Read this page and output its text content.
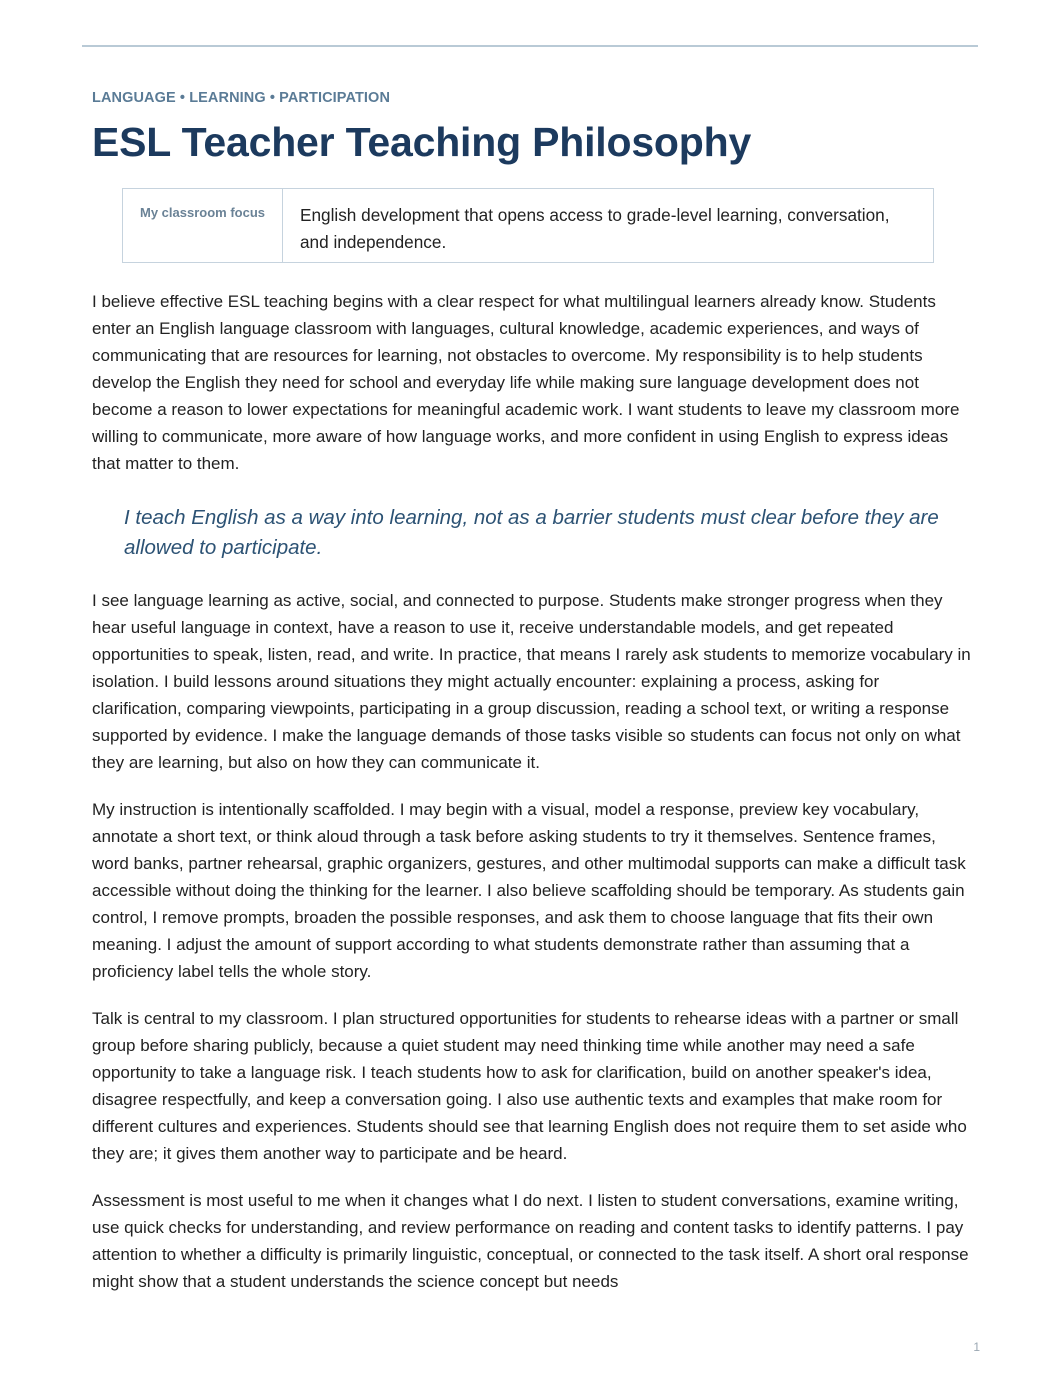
LANGUAGE • LEARNING • PARTICIPATION

ESL Teacher Teaching Philosophy
My classroom focus	English development that opens access to grade-level learning, conversation, and independence.

I believe effective ESL teaching begins with a clear respect for what multilingual learners already know. Students enter an English language classroom with languages, cultural knowledge, academic experiences, and ways of communicating that are resources for learning, not obstacles to overcome. My responsibility is to help students develop the English they need for school and everyday life while making sure language development does not become a reason to lower expectations for meaningful academic work. I want students to leave my classroom more willing to communicate, more aware of how language works, and more confident in using English to express ideas that matter to them.

I teach English as a way into learning, not as a barrier students must clear before they are allowed to participate.

I see language learning as active, social, and connected to purpose. Students make stronger progress when they hear useful language in context, have a reason to use it, receive understandable models, and get repeated opportunities to speak, listen, read, and write. In practice, that means I rarely ask students to memorize vocabulary in isolation. I build lessons around situations they might actually encounter: explaining a process, asking for clarification, comparing viewpoints, participating in a group discussion, reading a school text, or writing a response supported by evidence. I make the language demands of those tasks visible so students can focus not only on what they are learning, but also on how they can communicate it.

My instruction is intentionally scaffolded. I may begin with a visual, model a response, preview key vocabulary, annotate a short text, or think aloud through a task before asking students to try it themselves. Sentence frames, word banks, partner rehearsal, graphic organizers, gestures, and other multimodal supports can make a difficult task accessible without doing the thinking for the learner. I also believe scaffolding should be temporary. As students gain control, I remove prompts, broaden the possible responses, and ask them to choose language that fits their own meaning. I adjust the amount of support according to what students demonstrate rather than assuming that a proficiency label tells the whole story.

Talk is central to my classroom. I plan structured opportunities for students to rehearse ideas with a partner or small group before sharing publicly, because a quiet student may need thinking time while another may need a safe opportunity to take a language risk. I teach students how to ask for clarification, build on another speaker's idea, disagree respectfully, and keep a conversation going. I also use authentic texts and examples that make room for different cultures and experiences. Students should see that learning English does not require them to set aside who they are; it gives them another way to participate and be heard.

Assessment is most useful to me when it changes what I do next. I listen to student conversations, examine writing, use quick checks for understanding, and review performance on reading and content tasks to identify patterns. I pay attention to whether a difficulty is primarily linguistic, conceptual, or connected to the task itself. A short oral response might show that a student understands the science concept but needs

1
